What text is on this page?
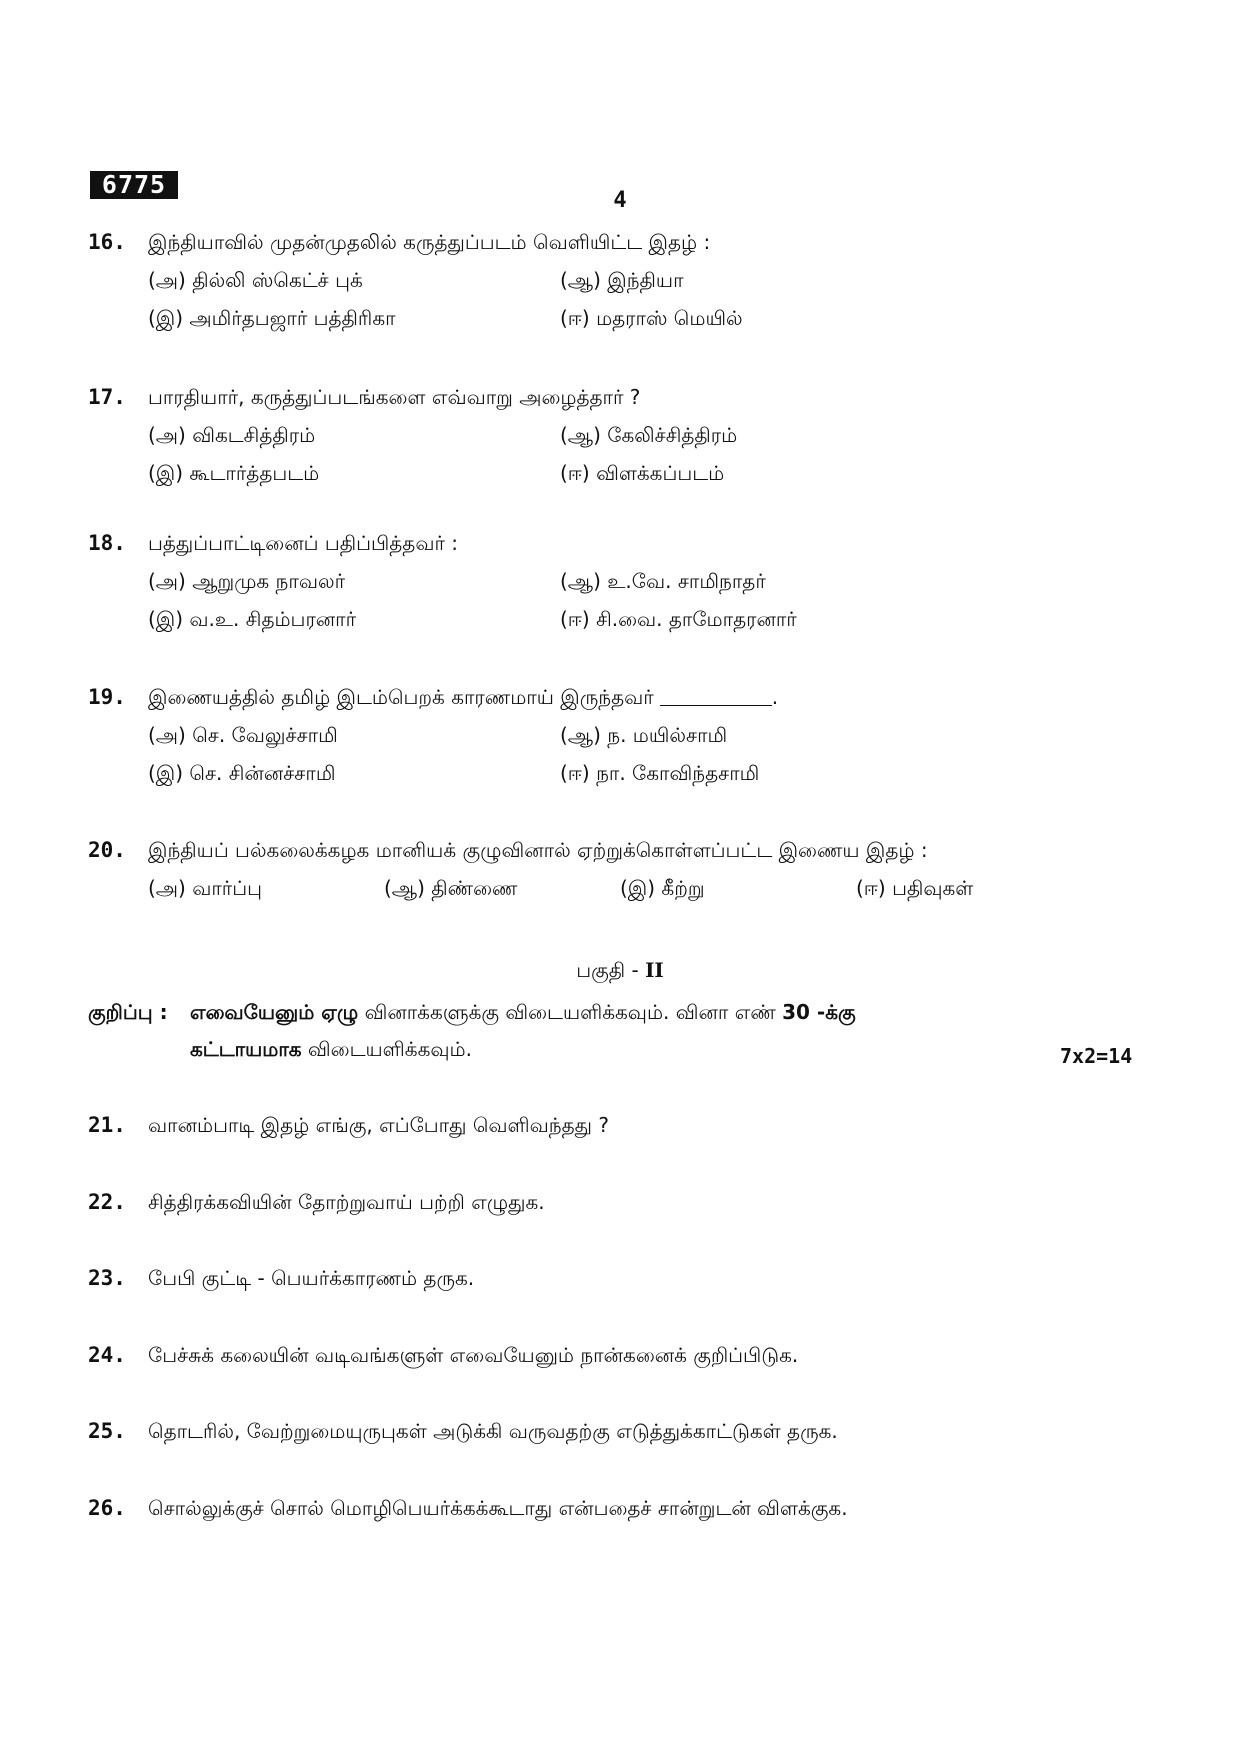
6775
4
16. இந்தியாவில் முதன்முதலில் கருத்துப்படம் வெளியிட்ட இதழ் :
(அ) தில்லி ஸ்கெட்ச் புக்	(ஆ) இந்தியா
(இ) அமிர்தபஜார் பத்திரிகா	(ஈ) மதராஸ் மெயில்
17. பாரதியார், கருத்துப்படங்களை எவ்வாறு அழைத்தார் ?
(அ) விகடசித்திரம்	(ஆ) கேலிச்சித்திரம்
(இ) கூடார்த்தபடம்	(ஈ) விளக்கப்படம்
18. பத்துப்பாட்டினைப் பதிப்பித்தவர் :
(அ) ஆறுமுக நாவலர்	(ஆ) உ.வே. சாமிநாதர்
(இ) வ.உ. சிதம்பரனார்	(ஈ) சி.வை. தாமோதரனார்
19. இணையத்தில் தமிழ் இடம்பெறக் காரணமாய் இருந்தவர்	.
(அ) செ. வேலுச்சாமி	(ஆ) ந. மயில்சாமி
(இ) செ. சின்னச்சாமி	(ஈ) நா. கோவிந்தசாமி
20. இந்தியப் பல்கலைக்கழக மானியக் குழுவினால் ஏற்றுக்கொள்ளப்பட்ட இணைய இதழ் :
(அ) வார்ப்பு	(ஆ) திண்ணை	(இ) கீற்று	(ஈ) பதிவுகள்
பகுதி - II
குறிப்பு : எவையேனும் ஏழு வினாக்களுக்கு விடையளிக்கவும். வினா எண் 30 -க்கு
கட்டாயமாக விடையளிக்கவும்.	7x2=14
21. வானம்பாடி இதழ் எங்கு, எப்போது வெளிவந்தது ?
22. சித்திரக்கவியின் தோற்றுவாய் பற்றி எழுதுக.
23. பேபி குட்டி - பெயர்க்காரணம் தருக.
24. பேச்சுக் கலையின் வடிவங்களுள் எவையேனும் நான்கனைக் குறிப்பிடுக.
25. தொடரில், வேற்றுமையுருபுகள் அடுக்கி வருவதற்கு எடுத்துக்காட்டுகள் தருக.
26. சொல்லுக்குச் சொல் மொழிபெயர்க்கக்கூடாது என்பதைச் சான்றுடன் விளக்குக.
